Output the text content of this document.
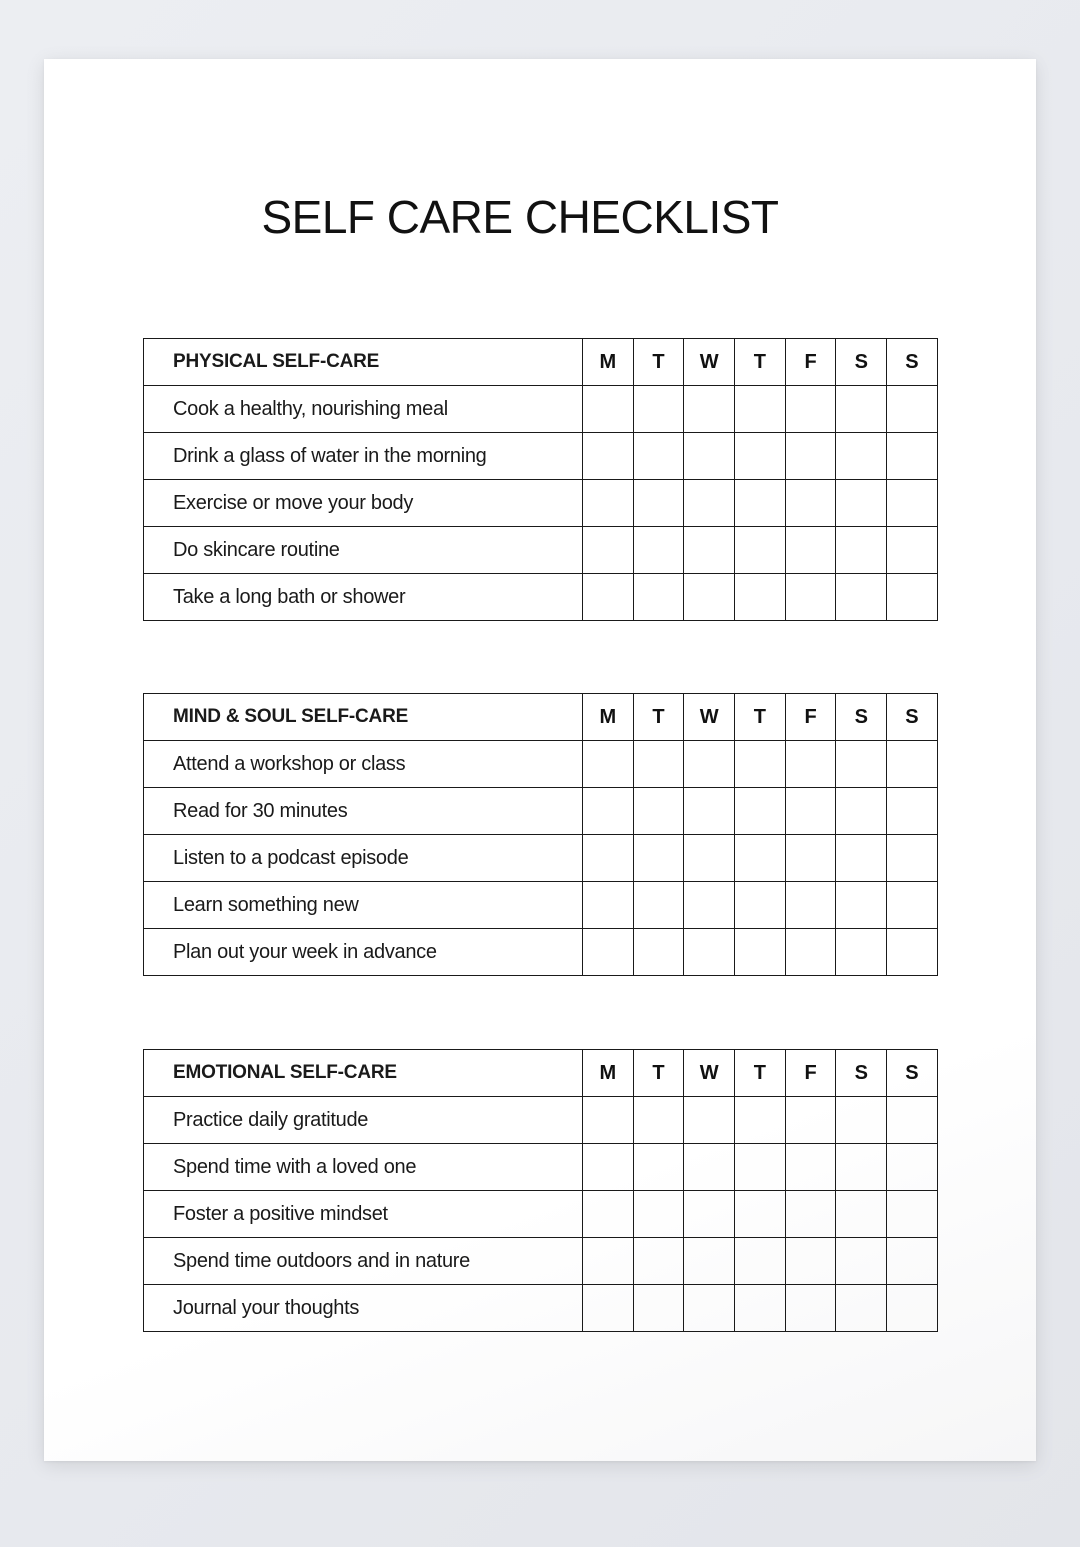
SELF CARE CHECKLIST
PHYSICAL SELF-CARE	M	T	W	T	F	S	S
Cook a healthy, nourishing meal							
Drink a glass of water in the morning							
Exercise or move your body							
Do skincare routine							
Take a long bath or shower							
MIND & SOUL SELF-CARE	M	T	W	T	F	S	S
Attend a workshop or class							
Read for 30 minutes							
Listen to a podcast episode							
Learn something new							
Plan out your week in advance							
EMOTIONAL SELF-CARE	M	T	W	T	F	S	S
Practice daily gratitude							
Spend time with a loved one							
Foster a positive mindset							
Spend time outdoors and in nature							
Journal your thoughts							
